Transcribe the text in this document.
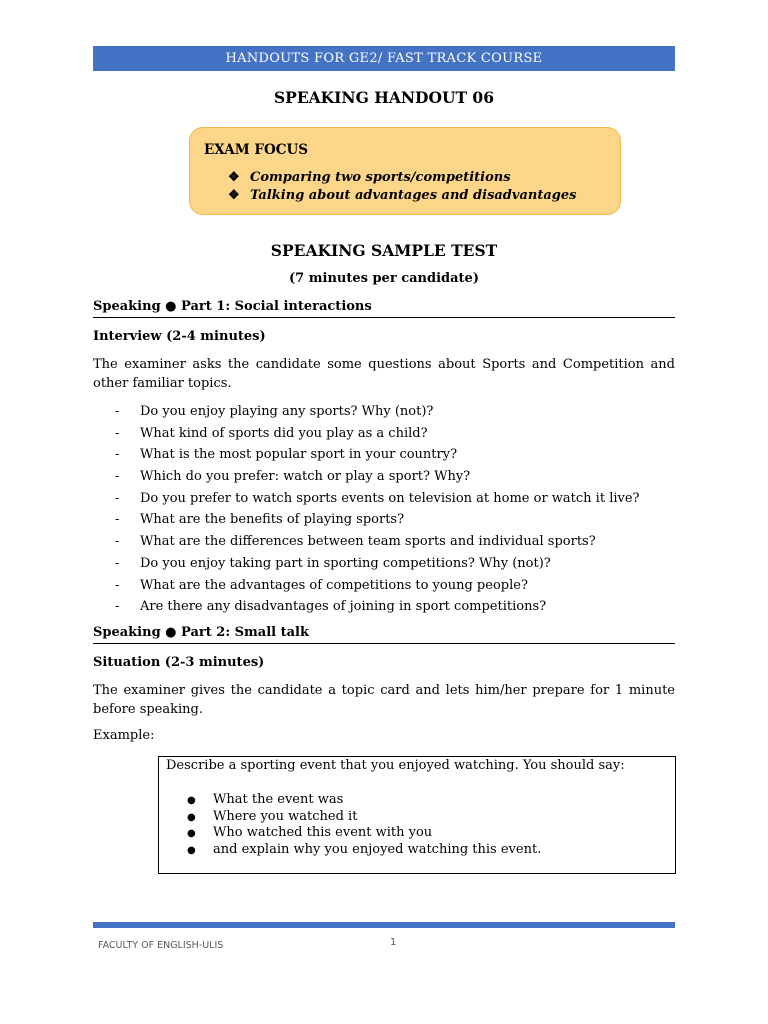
HANDOUTS FOR GE2/ FAST TRACK COURSE
SPEAKING HANDOUT 06
EXAM FOCUS
❖ Comparing two sports/competitions
❖ Talking about advantages and disadvantages
SPEAKING SAMPLE TEST
(7 minutes per candidate)
Speaking ● Part 1: Social interactions
Interview (2-4 minutes)
The examiner asks the candidate some questions about Sports and Competition and other familiar topics.
- Do you enjoy playing any sports? Why (not)?
- What kind of sports did you play as a child?
- What is the most popular sport in your country?
- Which do you prefer: watch or play a sport? Why?
- Do you prefer to watch sports events on television at home or watch it live?
- What are the benefits of playing sports?
- What are the differences between team sports and individual sports?
- Do you enjoy taking part in sporting competitions? Why (not)?
- What are the advantages of competitions to young people?
- Are there any disadvantages of joining in sport competitions?
Speaking ● Part 2: Small talk
Situation (2-3 minutes)
The examiner gives the candidate a topic card and lets him/her prepare for 1 minute before speaking.
Example:
Describe a sporting event that you enjoyed watching. You should say:
● What the event was
● Where you watched it
● Who watched this event with you
● and explain why you enjoyed watching this event.
FACULTY OF ENGLISH-ULIS	1
